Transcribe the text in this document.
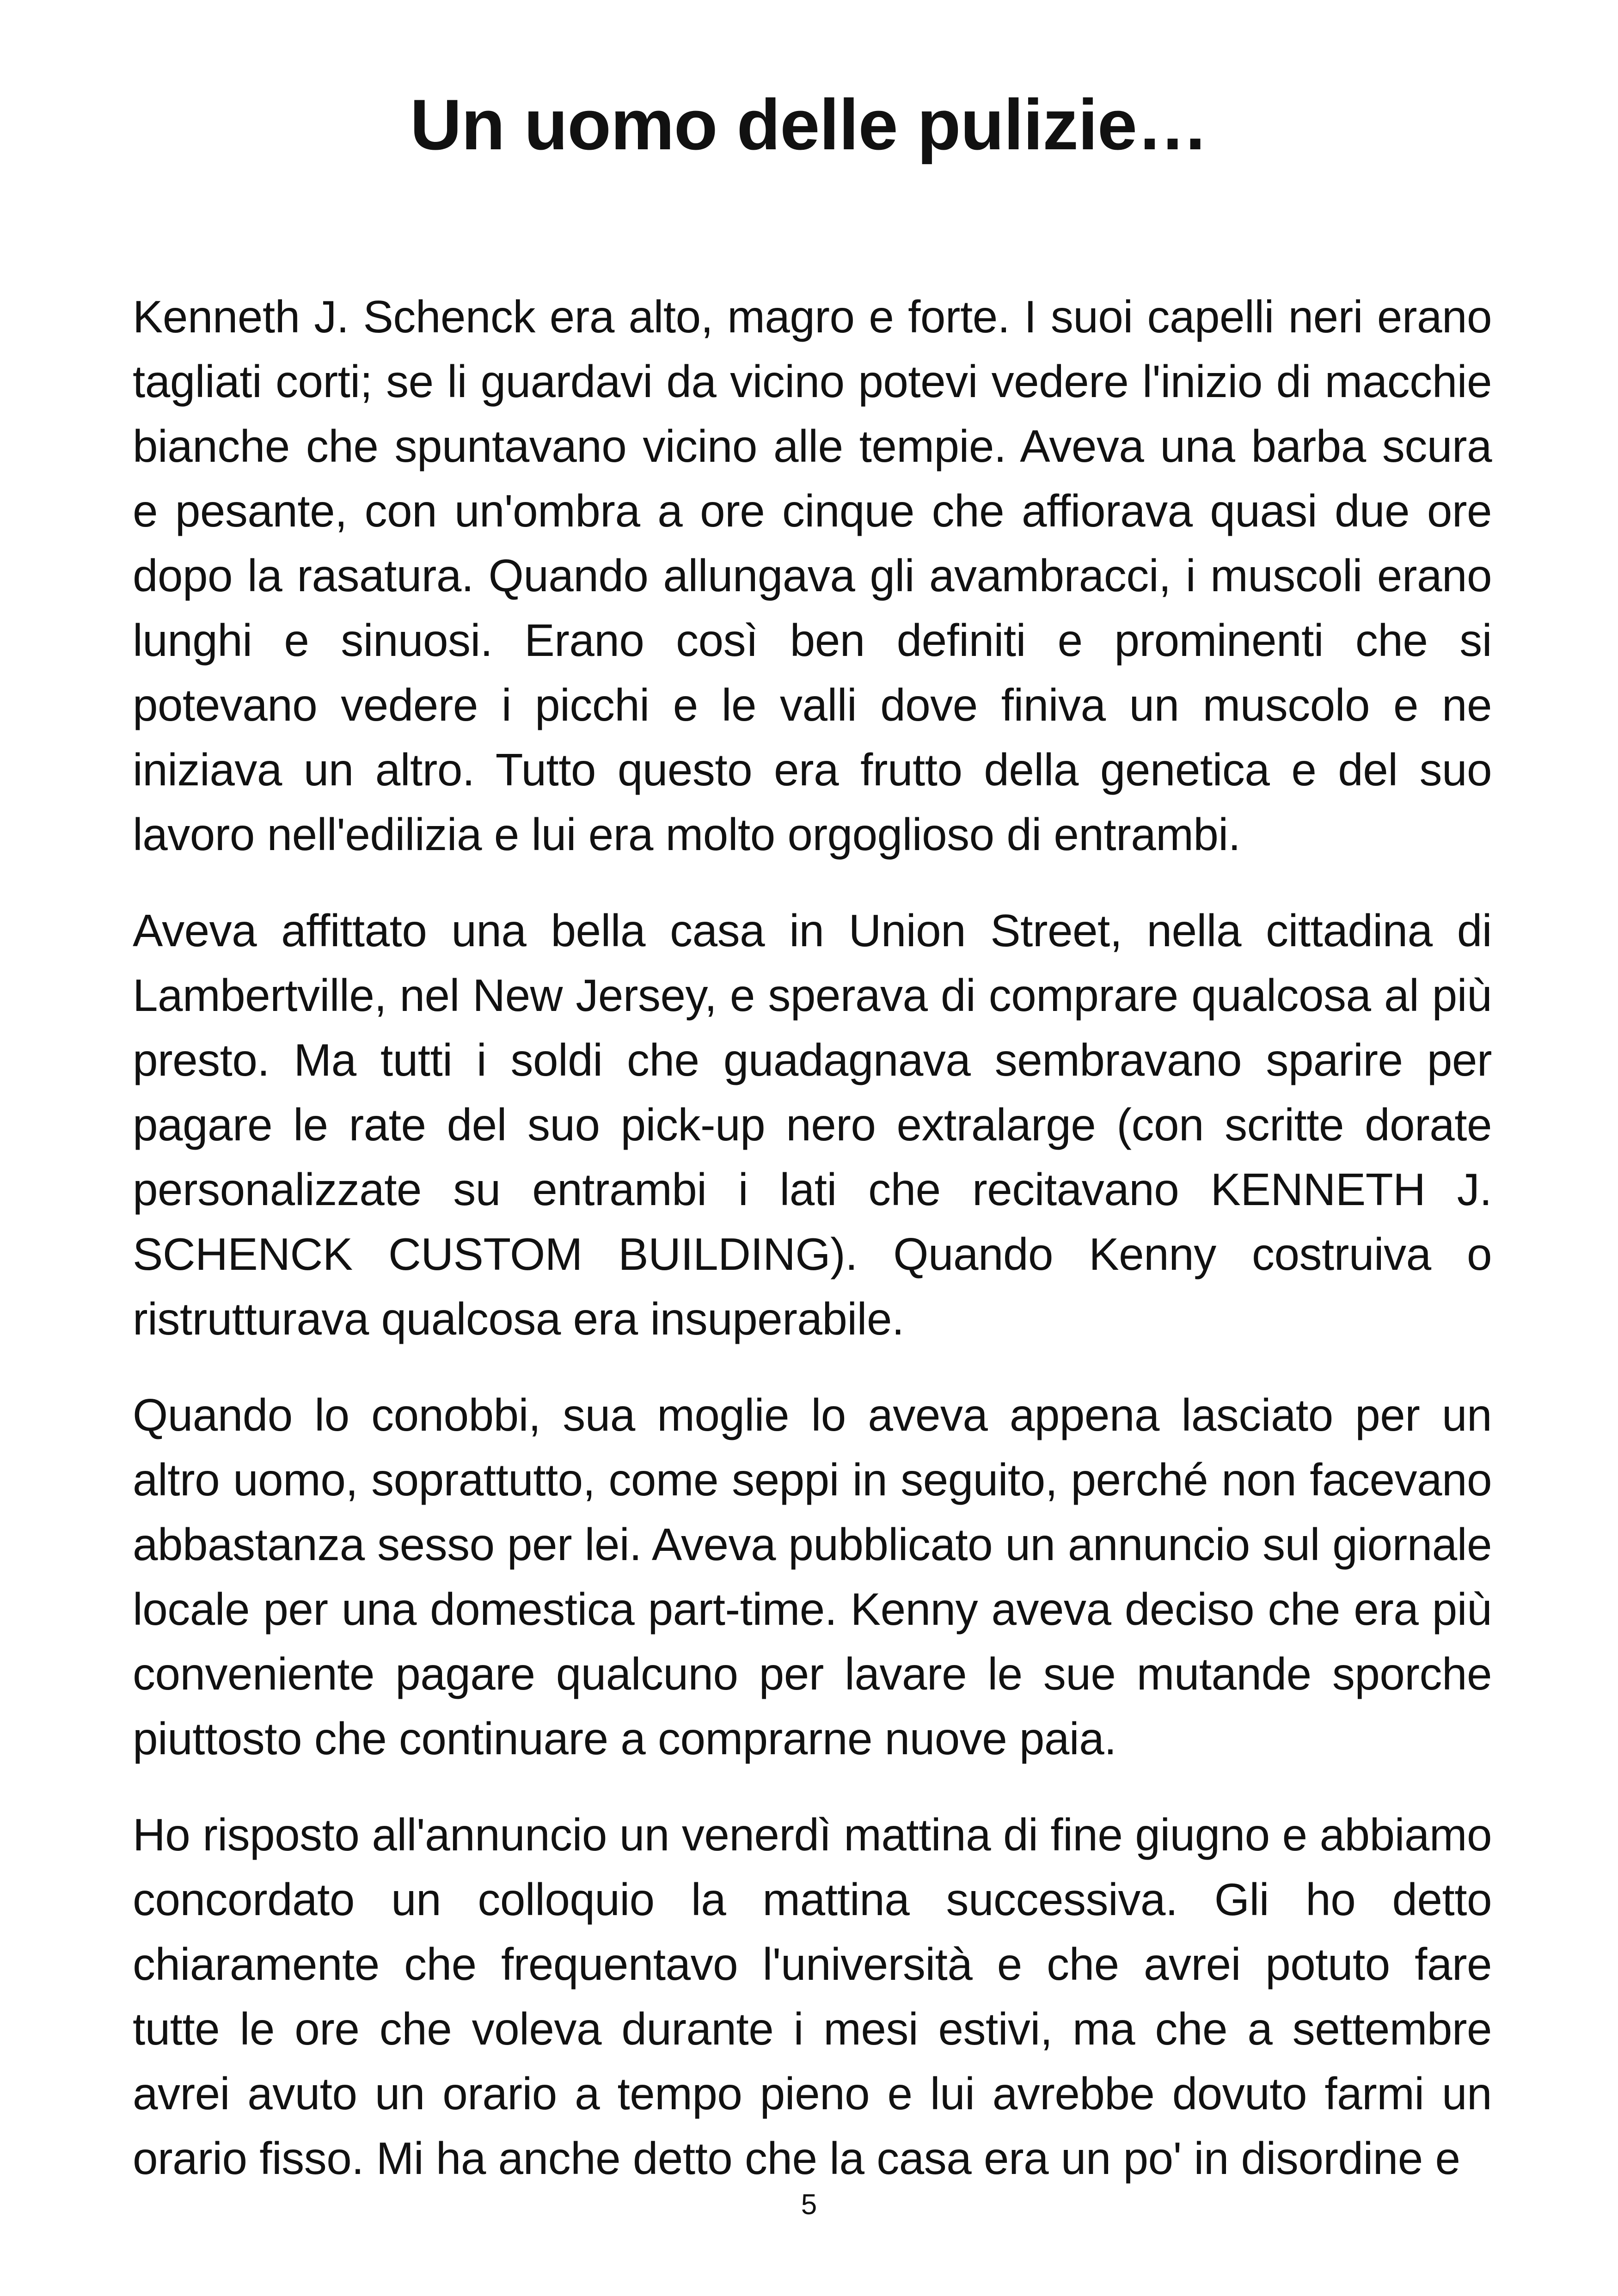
Un uomo delle pulizie…

Kenneth J. Schenck era alto, magro e forte. I suoi capelli neri erano tagliati corti; se li guardavi da vicino potevi vedere l'inizio di macchie bianche che spuntavano vicino alle tempie. Aveva una barba scura e pesante, con un'ombra a ore cinque che affiorava quasi due ore dopo la rasatura. Quando allungava gli avambracci, i muscoli erano lunghi e sinuosi. Erano così ben definiti e prominenti che si potevano vedere i picchi e le valli dove finiva un muscolo e ne iniziava un altro. Tutto questo era frutto della genetica e del suo lavoro nell'edilizia e lui era molto orgoglioso di entrambi.

Aveva affittato una bella casa in Union Street, nella cittadina di Lambertville, nel New Jersey, e sperava di comprare qualcosa al più presto. Ma tutti i soldi che guadagnava sembravano sparire per pagare le rate del suo pick-up nero extralarge (con scritte dorate personalizzate su entrambi i lati che recitavano KENNETH J. SCHENCK CUSTOM BUILDING). Quando Kenny costruiva o ristrutturava qualcosa era insuperabile.

Quando lo conobbi, sua moglie lo aveva appena lasciato per un altro uomo, soprattutto, come seppi in seguito, perché non facevano abbastanza sesso per lei. Aveva pubblicato un annuncio sul giornale locale per una domestica part-time. Kenny aveva deciso che era più conveniente pagare qualcuno per lavare le sue mutande sporche piuttosto che continuare a comprarne nuove paia.

Ho risposto all'annuncio un venerdì mattina di fine giugno e abbiamo concordato un colloquio la mattina successiva. Gli ho detto chiaramente che frequentavo l'università e che avrei potuto fare tutte le ore che voleva durante i mesi estivi, ma che a settembre avrei avuto un orario a tempo pieno e lui avrebbe dovuto farmi un orario fisso. Mi ha anche detto che la casa era un po' in disordine e

5
